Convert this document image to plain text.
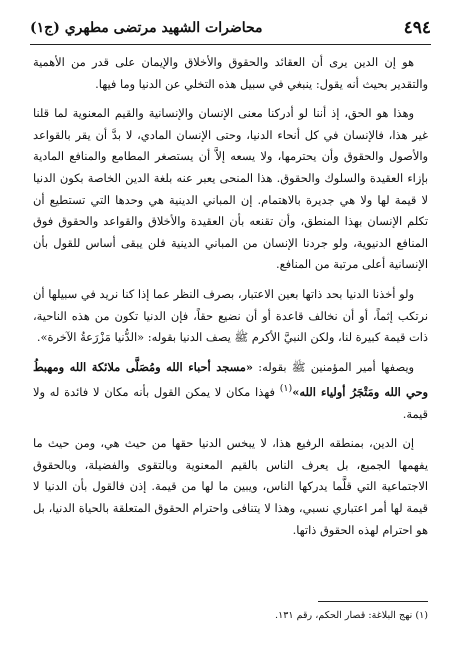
٤٩٤
محاضرات الشهيد مرتضى مطهري (ج١)

هو إن الدين يرى أن العقائد والحقوق والأخلاق والإيمان على قدر من الأهمية والتقدير بحيث أنه يقول: ينبغي في سبيل هذه التخلي عن الدنيا وما فيها.

وهذا هو الحق، إذ أننا لو أدركنا معنى الإنسان والإنسانية والقيم المعنوية لما قلنا غير هذا، فالإنسان في كل أنحاء الدنيا، وحتى الإنسان المادي، لا بدَّ أن يقر بالقواعد والأصول والحقوق وأن يحترمها، ولا يسعه إلاَّ أن يستصغر المطامع والمنافع المادية بإزاء العقيدة والسلوك والحقوق. هذا المنحى يعبر عنه بلغة الدين الخاصة بكون الدنيا لا قيمة لها ولا هي جديرة بالاهتمام. إن المباني الدينية هي وحدها التي تستطيع أن تكلم الإنسان بهذا المنطق، وأن تقنعه بأن العقيدة والأخلاق والقواعد والحقوق فوق المنافع الدنيوية، ولو جردنا الإنسان من المباني الدينية فلن يبقى أساس للقول بأن الإنسانية أعلى مرتبة من المنافع.

ولو أخذنا الدنيا بحد ذاتها بعين الاعتبار، بصرف النظر عما إذا كنا نريد في سبيلها أن نرتكب إثماً، أو أن نخالف قاعدة أو أن نضيع حقاً، فإن الدنيا تكون من هذه الناحية، ذات قيمة كبيرة لنا، ولكن النبيَّ الأكرم ﷺ يصف الدنيا بقوله: «الدُّنيا مَزْرَعةُ الآخرة».

ويصفها أمير المؤمنين ﷺ بقوله: «مسجد أحباء الله ومُصَلَّى ملائكة الله ومهبطُ وحي الله ومَتْجَرُ أولياء الله»$^{(١)}$ فهذا مكان لا يمكن القول بأنه مكان لا فائدة له ولا قيمة.

إن الدين، بمنطقه الرفيع هذا، لا يبخس الدنيا حقها من حيث هي، ومن حيث ما يفهمها الجميع، بل يعرف الناس بالقيم المعنوية وبالتقوى والفضيلة، وبالحقوق الاجتماعية التي قلَّما يدركها الناس، ويبين ما لها من قيمة. إذن فالقول بأن الدنيا لا قيمة لها أمر اعتباري نسبي، وهذا لا يتنافى واحترام الحقوق المتعلقة بالحياة الدنيا، بل هو احترام لهذه الحقوق ذاتها.

(١) نهج البلاغة: قصار الحكم، رقم ١٣١.
